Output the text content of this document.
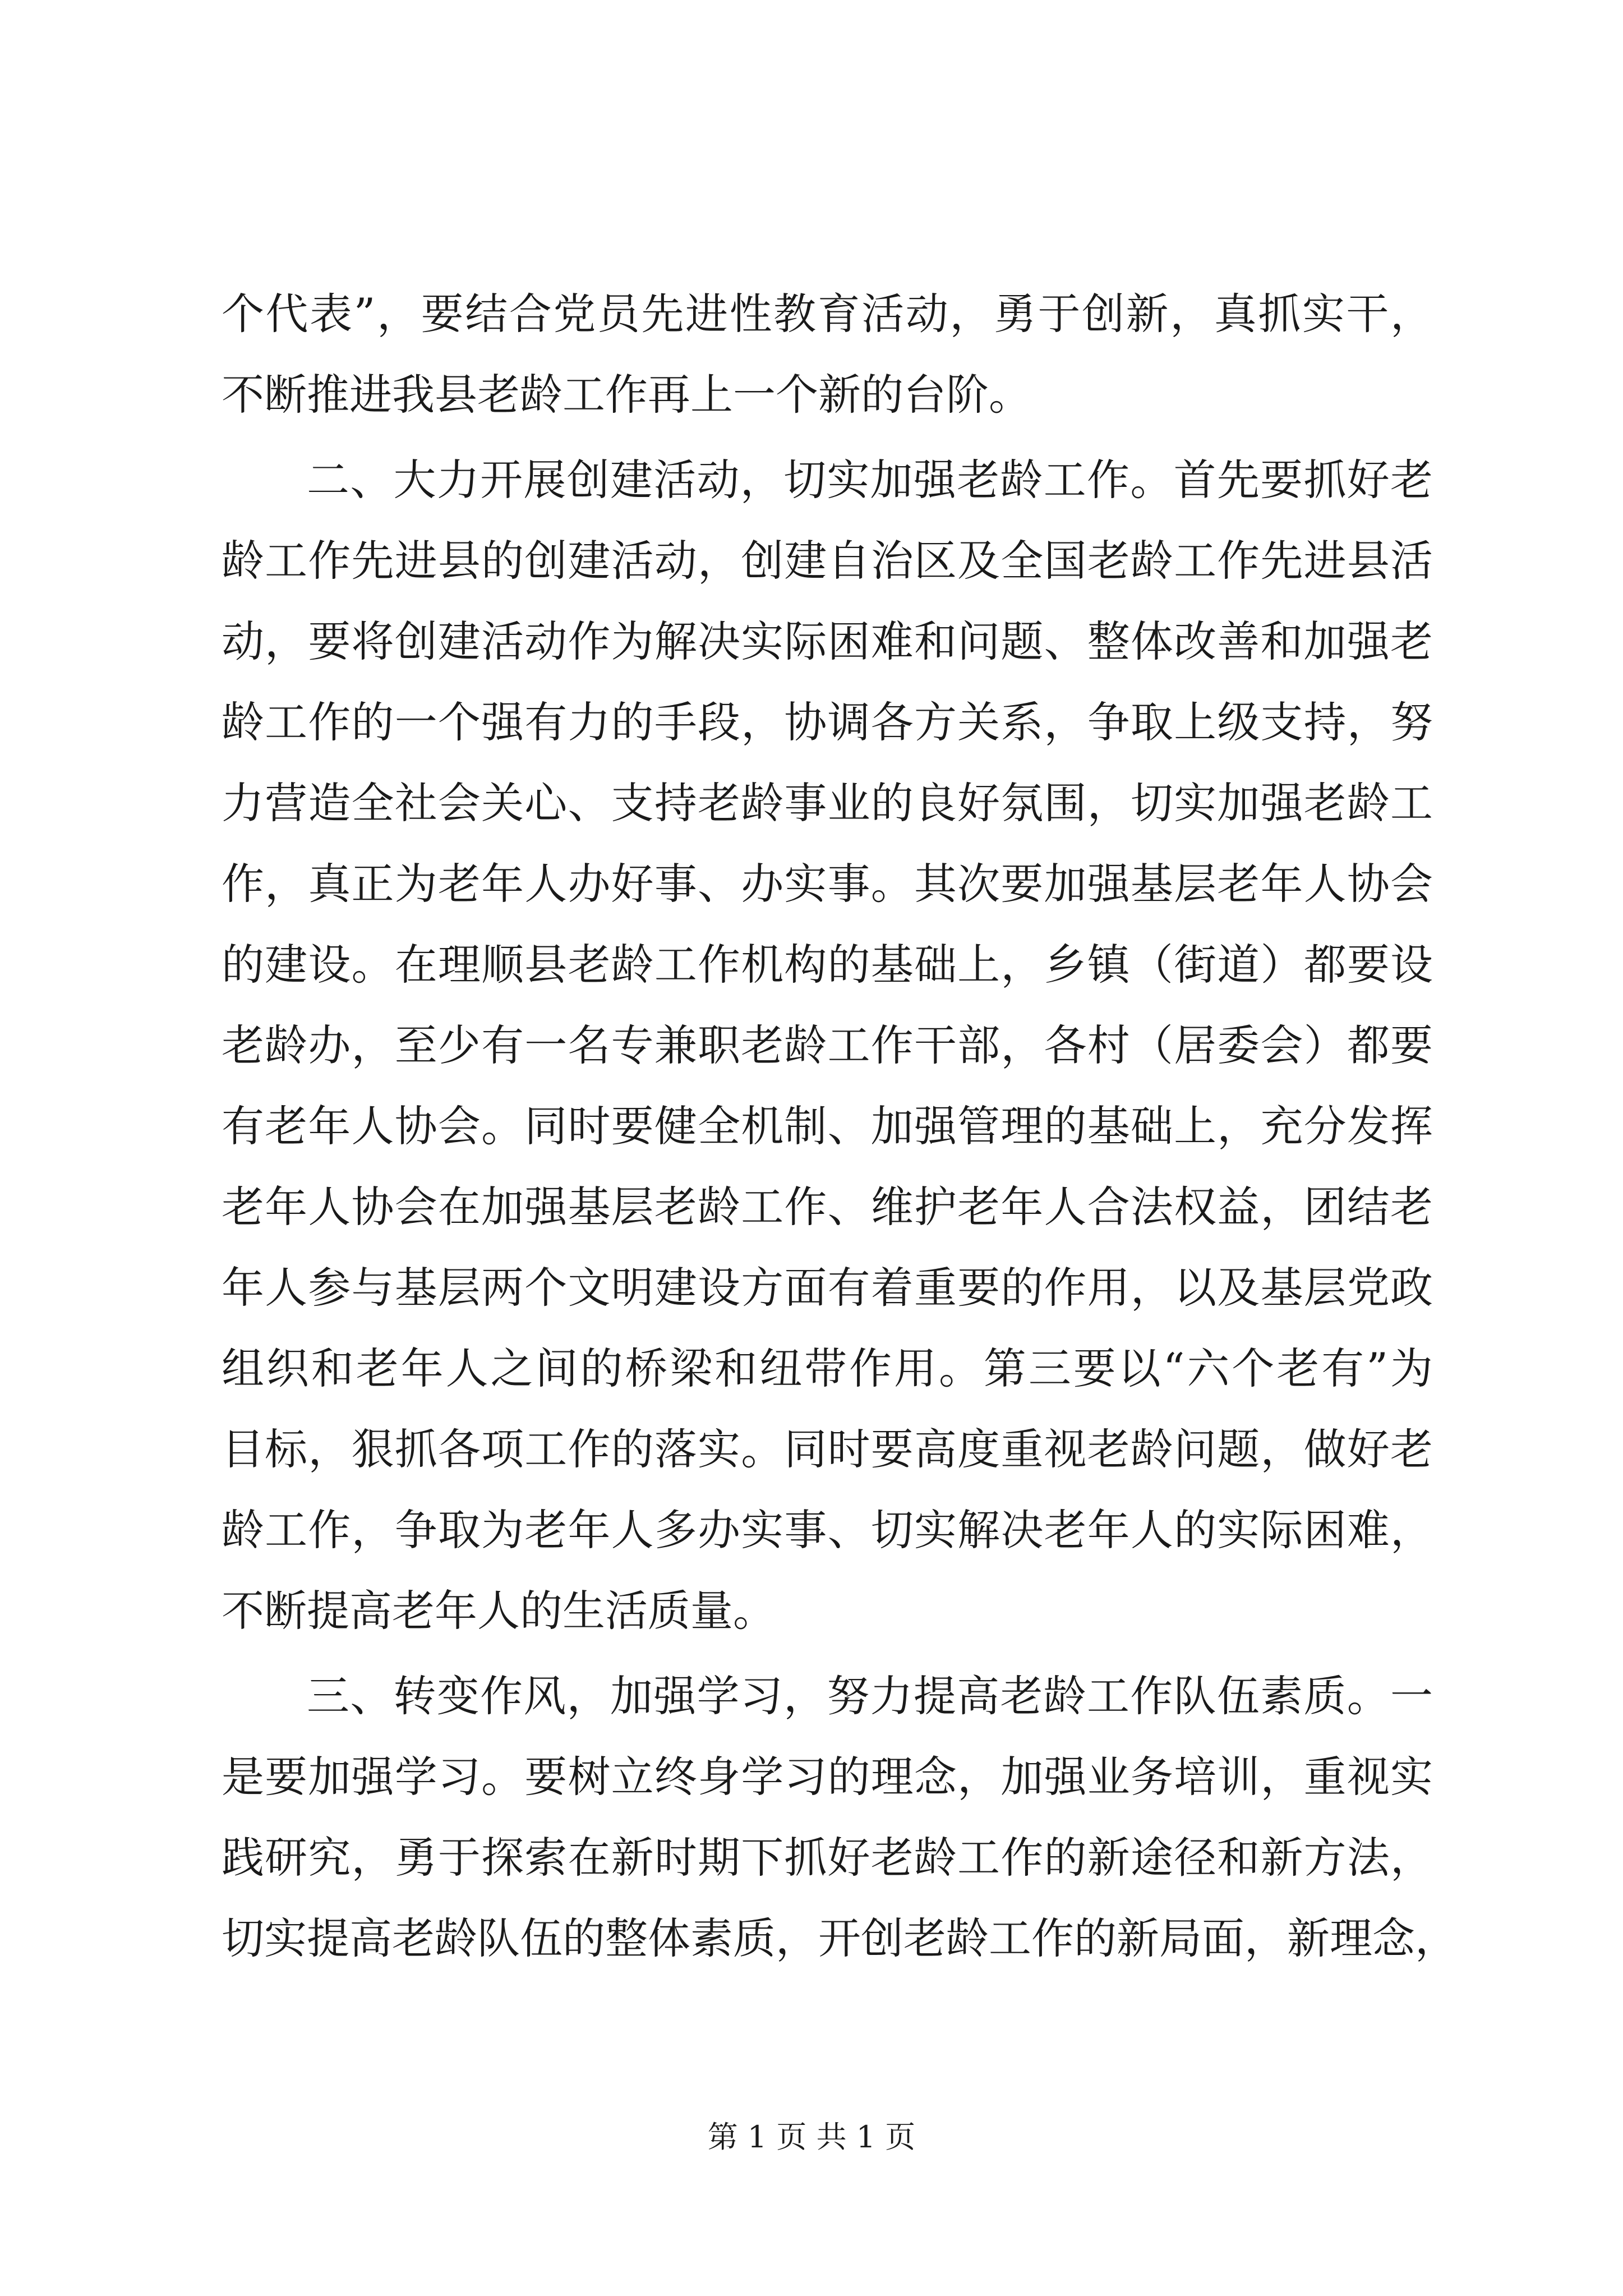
个代表”，要结合党员先进性教育活动，勇于创新，真抓实干，
不断推进我县老龄工作再上一个新的台阶。
二、大力开展创建活动，切实加强老龄工作。首先要抓好老
龄工作先进县的创建活动，创建自治区及全国老龄工作先进县活
动，要将创建活动作为解决实际困难和问题、整体改善和加强老
龄工作的一个强有力的手段，协调各方关系，争取上级支持，努
力营造全社会关心、支持老龄事业的良好氛围，切实加强老龄工
作，真正为老年人办好事、办实事。其次要加强基层老年人协会
的建设。在理顺县老龄工作机构的基础上，乡镇（街道）都要设
老龄办，至少有一名专兼职老龄工作干部，各村（居委会）都要
有老年人协会。同时要健全机制、加强管理的基础上，充分发挥
老年人协会在加强基层老龄工作、维护老年人合法权益，团结老
年人参与基层两个文明建设方面有着重要的作用，以及基层党政
组织和老年人之间的桥梁和纽带作用。第三要以“六个老有”为
目标，狠抓各项工作的落实。同时要高度重视老龄问题，做好老
龄工作，争取为老年人多办实事、切实解决老年人的实际困难，
不断提高老年人的生活质量。
三、转变作风，加强学习，努力提高老龄工作队伍素质。一
是要加强学习。要树立终身学习的理念，加强业务培训，重视实
践研究，勇于探索在新时期下抓好老龄工作的新途径和新方法，
切实提高老龄队伍的整体素质，开创老龄工作的新局面，新理念，
第 1 页 共 1 页
